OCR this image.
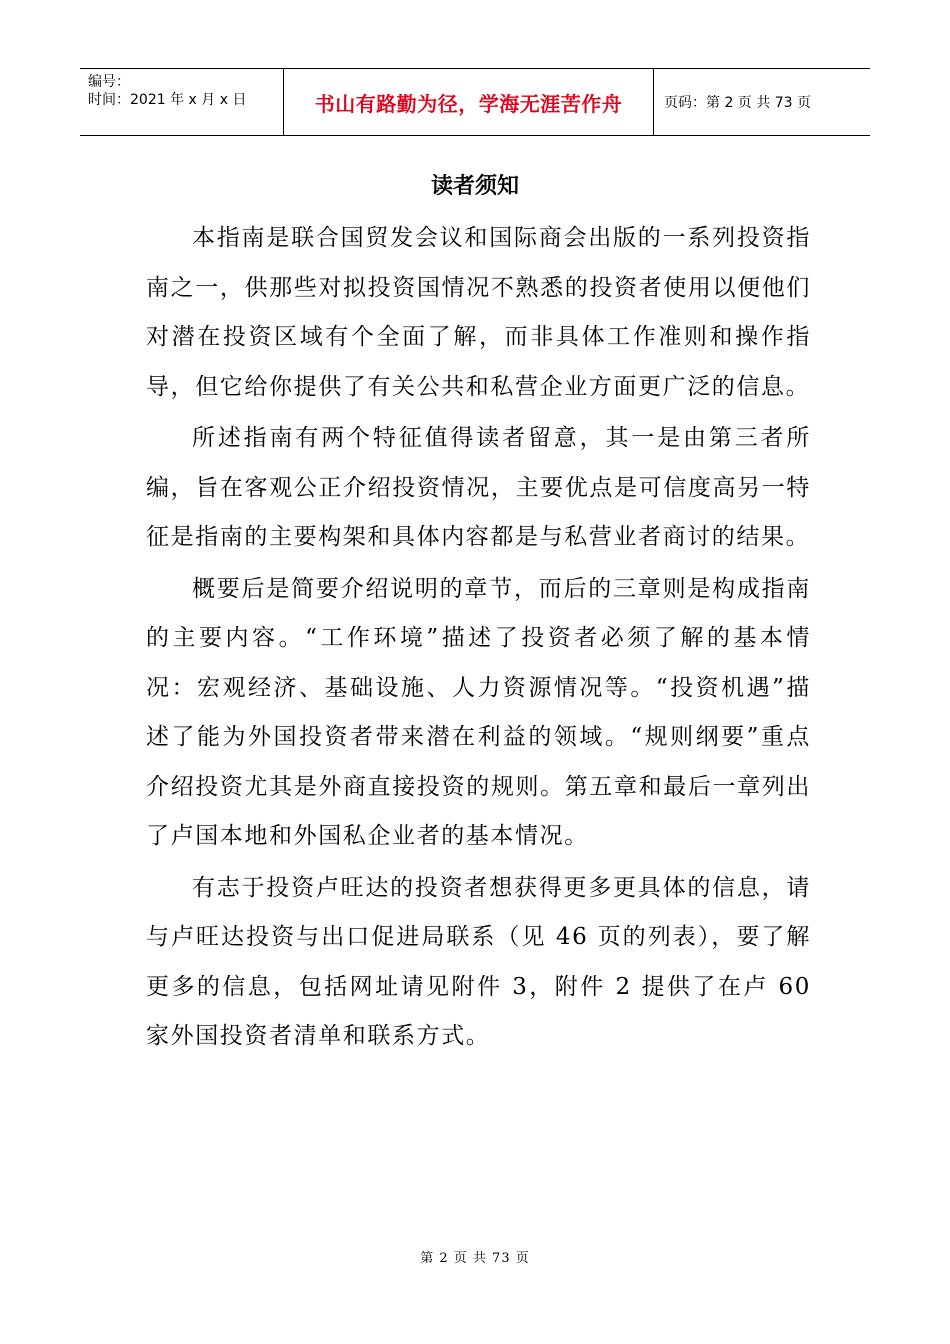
编号：
时间：2021 年 x 月 x 日	书山有路勤为径，学海无涯苦作舟	页码：第 2 页 共 73 页
读者须知

本指南是联合国贸发会议和国际商会出版的一系列投资指南之一，供那些对拟投资国情况不熟悉的投资者使用以便他们对潜在投资区域有个全面了解，而非具体工作准则和操作指导，但它给你提供了有关公共和私营企业方面更广泛的信息。

所述指南有两个特征值得读者留意，其一是由第三者所编，旨在客观公正介绍投资情况，主要优点是可信度高另一特征是指南的主要构架和具体内容都是与私营业者商讨的结果。

概要后是简要介绍说明的章节，而后的三章则是构成指南的主要内容。“工作环境”描述了投资者必须了解的基本情况：宏观经济、基础设施、人力资源情况等。“投资机遇”描述了能为外国投资者带来潜在利益的领域。“规则纲要”重点介绍投资尤其是外商直接投资的规则。第五章和最后一章列出了卢国本地和外国私企业者的基本情况。

有志于投资卢旺达的投资者想获得更多更具体的信息，请与卢旺达投资与出口促进局联系（见 46 页的列表），要了解更多的信息，包括网址请见附件 3，附件 2 提供了在卢 60 家外国投资者清单和联系方式。

第 2 页 共 73 页
